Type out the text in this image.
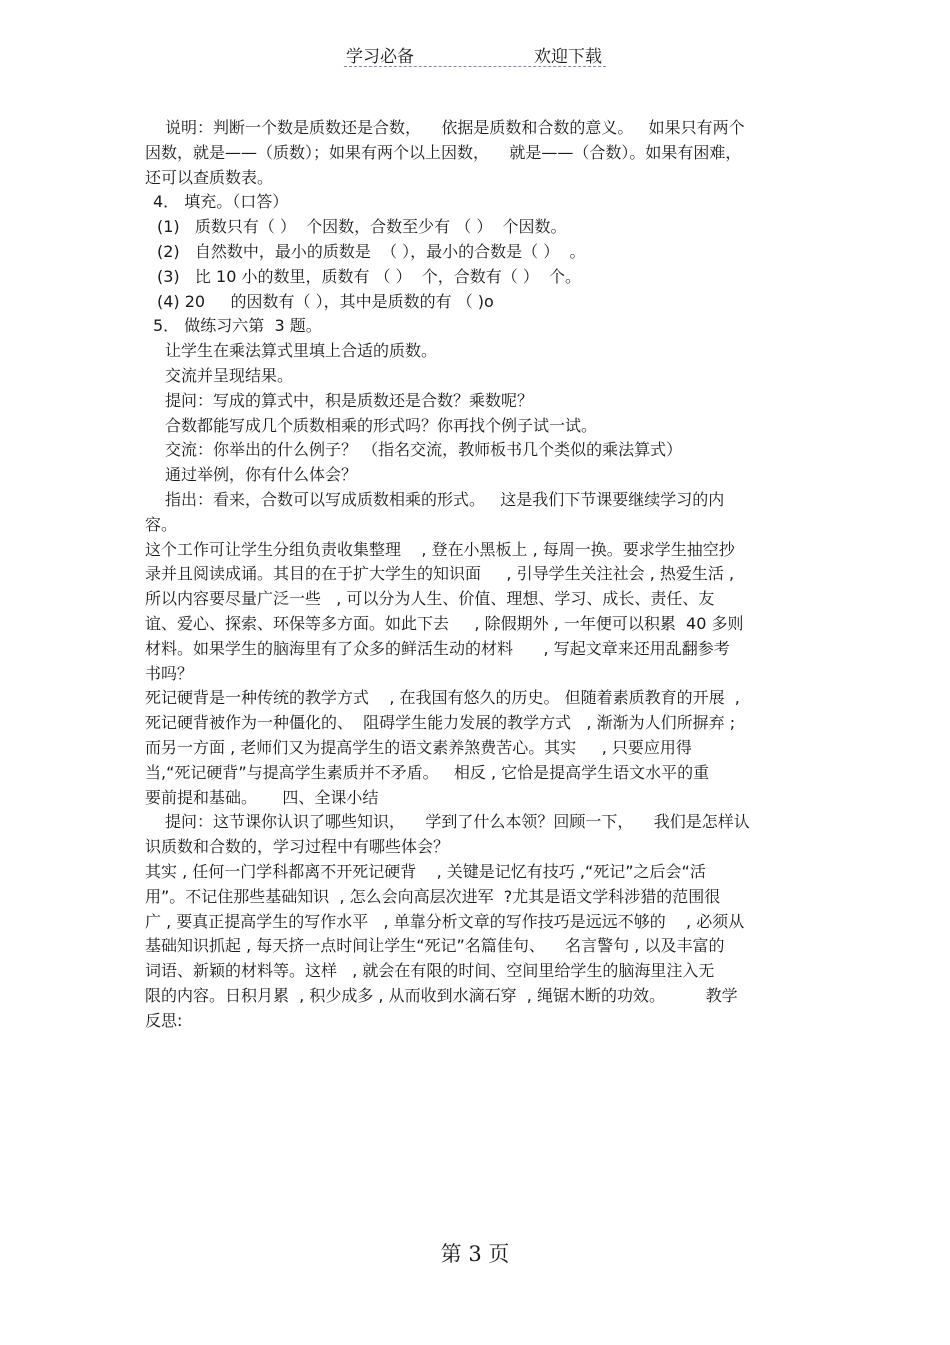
学习必备	欢迎下载
说明：判断一个数是质数还是合数，    依据是质数和合数的意义。   如果只有两个
因数，就是——（质数）；如果有两个以上因数，    就是——（合数）。如果有困难，
还可以查质数表。
4． 填充。（口答）
(1)   质数只有（ ）  个因数，合数至少有 （ ）  个因数。
(2)   自然数中，最小的质数是  （ ），最小的合数是（ ）  。
(3)   比 10 小的数里，质数有 （ ）  个，合数有（ ）  个。
(4) 20     的因数有（ ），其中是质数的有 （ )o
5． 做练习六第  3 题。
让学生在乘法算式里填上合适的质数。
交流并呈现结果。
提问：写成的算式中，积是质数还是合数？乘数呢？
合数都能写成几个质数相乘的形式吗？你再找个例子试一试。
交流：你举出的什么例子？ （指名交流，教师板书几个类似的乘法算式）
通过举例，你有什么体会？
指出：看来，合数可以写成质数相乘的形式。   这是我们下节课要继续学习的内
容。
这个工作可让学生分组负责收集整理    , 登在小黑板上 , 每周一换。要求学生抽空抄
录并且阅读成诵。其目的在于扩大学生的知识面     , 引导学生关注社会 , 热爱生活 ,
所以内容要尽量广泛一些   , 可以分为人生、价值、理想、学习、成长、责任、友
谊、爱心、探索、环保等多方面。如此下去     , 除假期外 , 一年便可以积累  40 多则
材料。如果学生的脑海里有了众多的鲜活生动的材料      , 写起文章来还用乱翻参考
书吗？
死记硬背是一种传统的教学方式    , 在我国有悠久的历史。 但随着素质教育的开展  ,
死记硬背被作为一种僵化的、  阻碍学生能力发展的教学方式   , 渐渐为人们所摒弃 ;
而另一方面 , 老师们又为提高学生的语文素养煞费苦心。其实     , 只要应用得
当,“死记硬背”与提高学生素质并不矛盾。   相反 , 它恰是提高学生语文水平的重
要前提和基础。     四、全课小结
提问：这节课你认识了哪些知识，    学到了什么本领？回顾一下，    我们是怎样认
识质数和合数的，学习过程中有哪些体会？
其实 , 任何一门学科都离不开死记硬背    , 关键是记忆有技巧 ,“死记”之后会“活
用”。不记住那些基础知识  , 怎么会向高层次进军  ?尤其是语文学科涉猎的范围很
广 , 要真正提高学生的写作水平   , 单靠分析文章的写作技巧是远远不够的    , 必须从
基础知识抓起 , 每天挤一点时间让学生“死记”名篇佳句、    名言警句 , 以及丰富的
词语、新颖的材料等。这样   , 就会在有限的时间、空间里给学生的脑海里注入无
限的内容。日积月累  , 积少成多 , 从而收到水滴石穿  , 绳锯木断的功效。        教学
反思:
第 3 页
